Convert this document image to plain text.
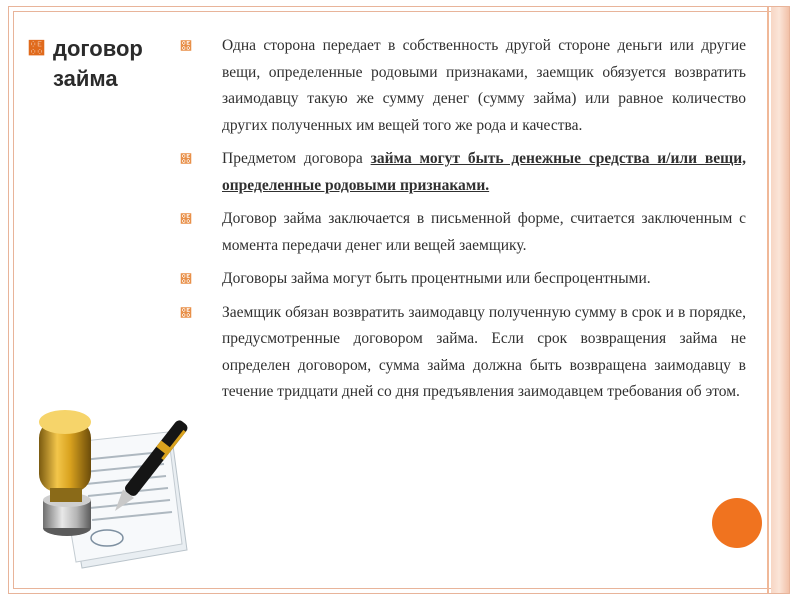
฀ договор займа
฀	Одна сторона передает в собственность другой стороне деньги или другие вещи, определенные родовыми признаками, заемщик обязуется возвратить заимодавцу такую же сумму денег (сумму займа) или равное количество других полученных им вещей того же рода и качества.
฀	Предметом договора займа могут быть денежные средства и/или вещи, определенные родовыми признаками.
฀	Договор займа заключается в письменной форме, считается заключенным с момента передачи денег или вещей заемщику.
฀	Договоры займа могут быть процентными или беспроцентными.
฀	Заемщик обязан возвратить заимодавцу полученную сумму в срок и в порядке, предусмотренные договором займа. Если срок возвращения займа не определен договором, сумма займа должна быть возвращена заимодавцу в течение тридцати дней со дня предъявления заимодавцем требования об этом.
